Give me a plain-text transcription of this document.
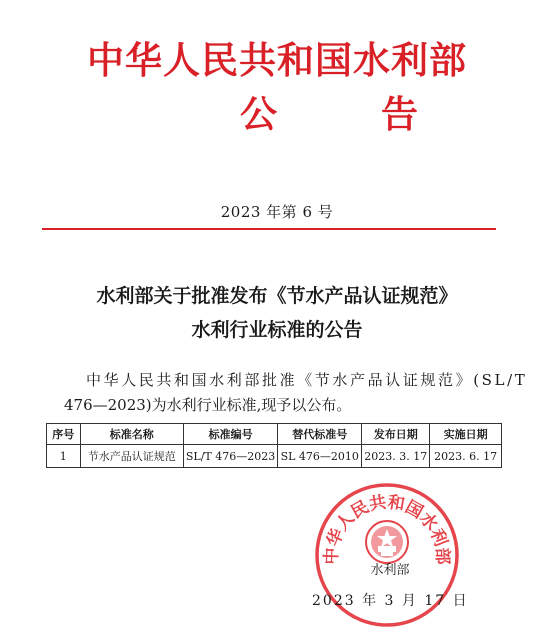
中华人民共和国水利部
公告
2023 年第 6 号
水利部关于批准发布《节水产品认证规范》
水利行业标准的公告
中华人民共和国水利部批准《节水产品认证规范》(SL/T
476—2023)为水利行业标准,现予以公布。
序号	标准名称	标准编号	替代标准号	发布日期	实施日期
1	节水产品认证规范	SL/T 476—2023	SL 476—2010	2023. 3. 17	2023. 6. 17
中华人民共和国水利部
水利部
2023 年 3 月 17 日
